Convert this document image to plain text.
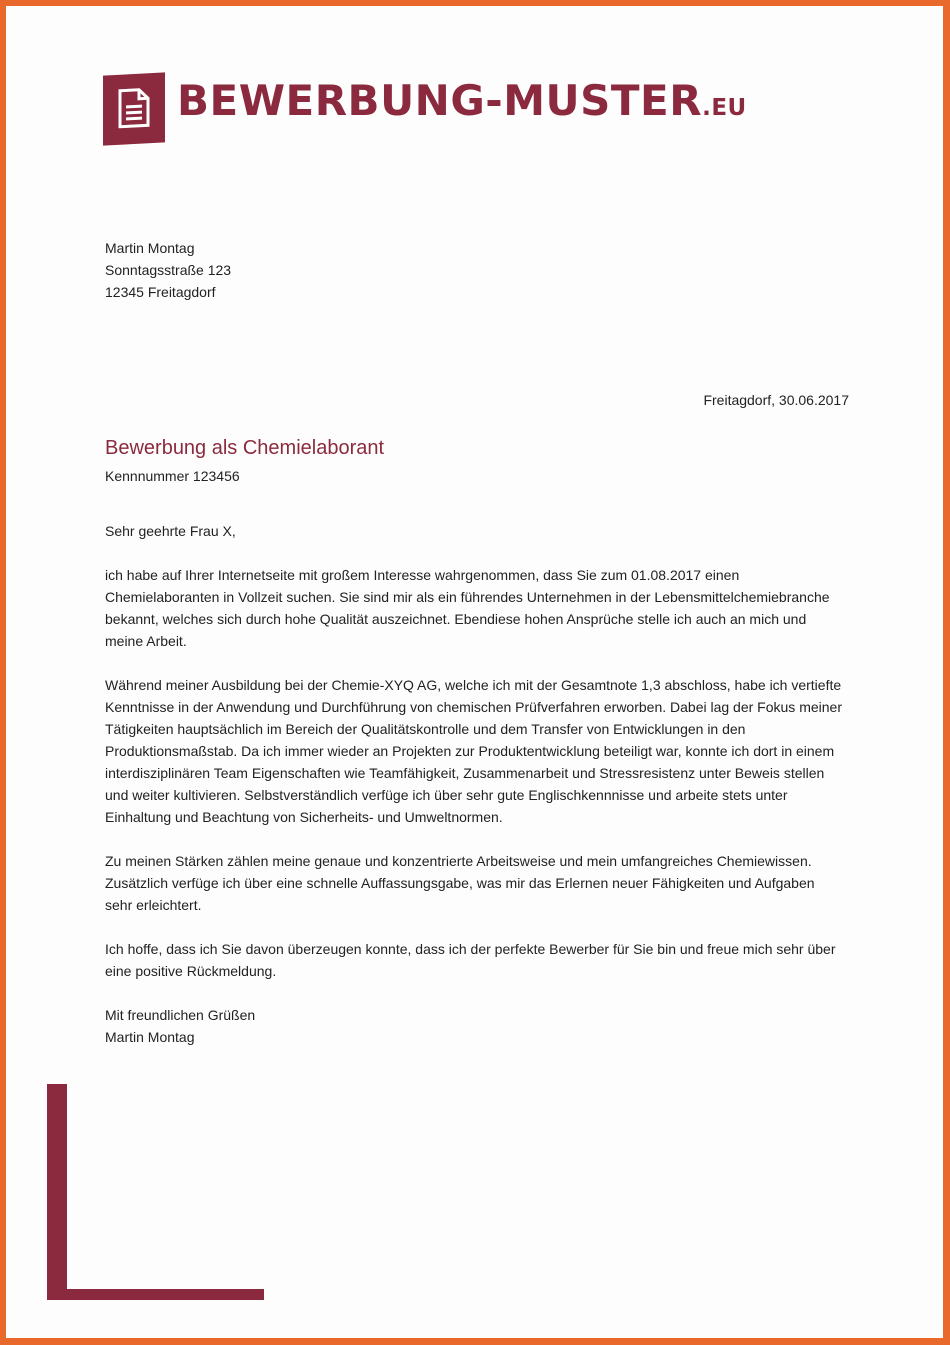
BEWERBUNG-MUSTER.EU
Martin Montag
Sonntagsstraße 123
12345 Freitagdorf
Freitagdorf, 30.06.2017
Bewerbung als Chemielaborant
Kennnummer 123456

Sehr geehrte Frau X,

ich habe auf Ihrer Internetseite mit großem Interesse wahrgenommen, dass Sie zum 01.08.2017 einen Chemielaboranten in Vollzeit suchen. Sie sind mir als ein führendes Unternehmen in der Lebensmittelchemiebranche bekannt, welches sich durch hohe Qualität auszeichnet. Ebendiese hohen Ansprüche stelle ich auch an mich und meine Arbeit.

Während meiner Ausbildung bei der Chemie-XYQ AG, welche ich mit der Gesamtnote 1,3 abschloss, habe ich vertiefte Kenntnisse in der Anwendung und Durchführung von chemischen Prüfverfahren erworben. Dabei lag der Fokus meiner Tätigkeiten hauptsächlich im Bereich der Qualitätskontrolle und dem Transfer von Entwicklungen in den Produktionsmaßstab. Da ich immer wieder an Projekten zur Produktentwicklung beteiligt war, konnte ich dort in einem interdisziplinären Team Eigenschaften wie Teamfähigkeit, Zusammenarbeit und Stressresistenz unter Beweis stellen und weiter kultivieren. Selbstverständlich verfüge ich über sehr gute Englischkennnisse und arbeite stets unter Einhaltung und Beachtung von Sicherheits- und Umweltnormen.

Zu meinen Stärken zählen meine genaue und konzentrierte Arbeitsweise und mein umfangreiches Chemiewissen. Zusätzlich verfüge ich über eine schnelle Auffassungsgabe, was mir das Erlernen neuer Fähigkeiten und Aufgaben sehr erleichtert.

Ich hoffe, dass ich Sie davon überzeugen konnte, dass ich der perfekte Bewerber für Sie bin und freue mich sehr über eine positive Rückmeldung.

Mit freundlichen Grüßen
Martin Montag
